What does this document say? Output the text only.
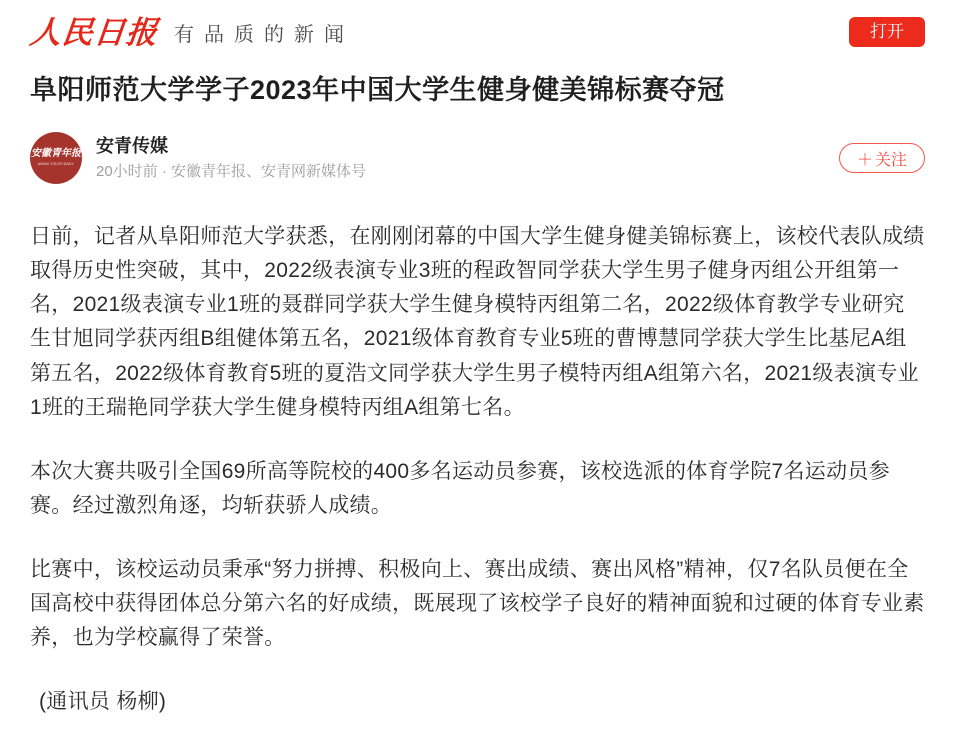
人民日报 有品质的新闻	打开
阜阳师范大学学子2023年中国大学生健身健美锦标赛夺冠
安徽青年报
ANHUI YOUTH DAILY
安青传媒
20小时前 · 安徽青年报、安青网新媒体号
＋ 关注

日前，记者从阜阳师范大学获悉，在刚刚闭幕的中国大学生健身健美锦标赛上，该校代表队成绩取得历史性突破，其中，2022级表演专业3班的程政智同学获大学生男子健身丙组公开组第一名，2021级表演专业1班的聂群同学获大学生健身模特丙组第二名，2022级体育教学专业研究生甘旭同学获丙组B组健体第五名，2021级体育教育专业5班的曹博慧同学获大学生比基尼A组第五名，2022级体育教育5班的夏浩文同学获大学生男子模特丙组A组第六名，2021级表演专业1班的王瑞艳同学获大学生健身模特丙组A组第七名。

本次大赛共吸引全国69所高等院校的400多名运动员参赛，该校选派的体育学院7名运动员参赛。经过激烈角逐，均斩获骄人成绩。

比赛中，该校运动员秉承“努力拼搏、积极向上、赛出成绩、赛出风格”精神，仅7名队员便在全国高校中获得团体总分第六名的好成绩，既展现了该校学子良好的精神面貌和过硬的体育专业素养，也为学校赢得了荣誉。

(通讯员 杨柳)
